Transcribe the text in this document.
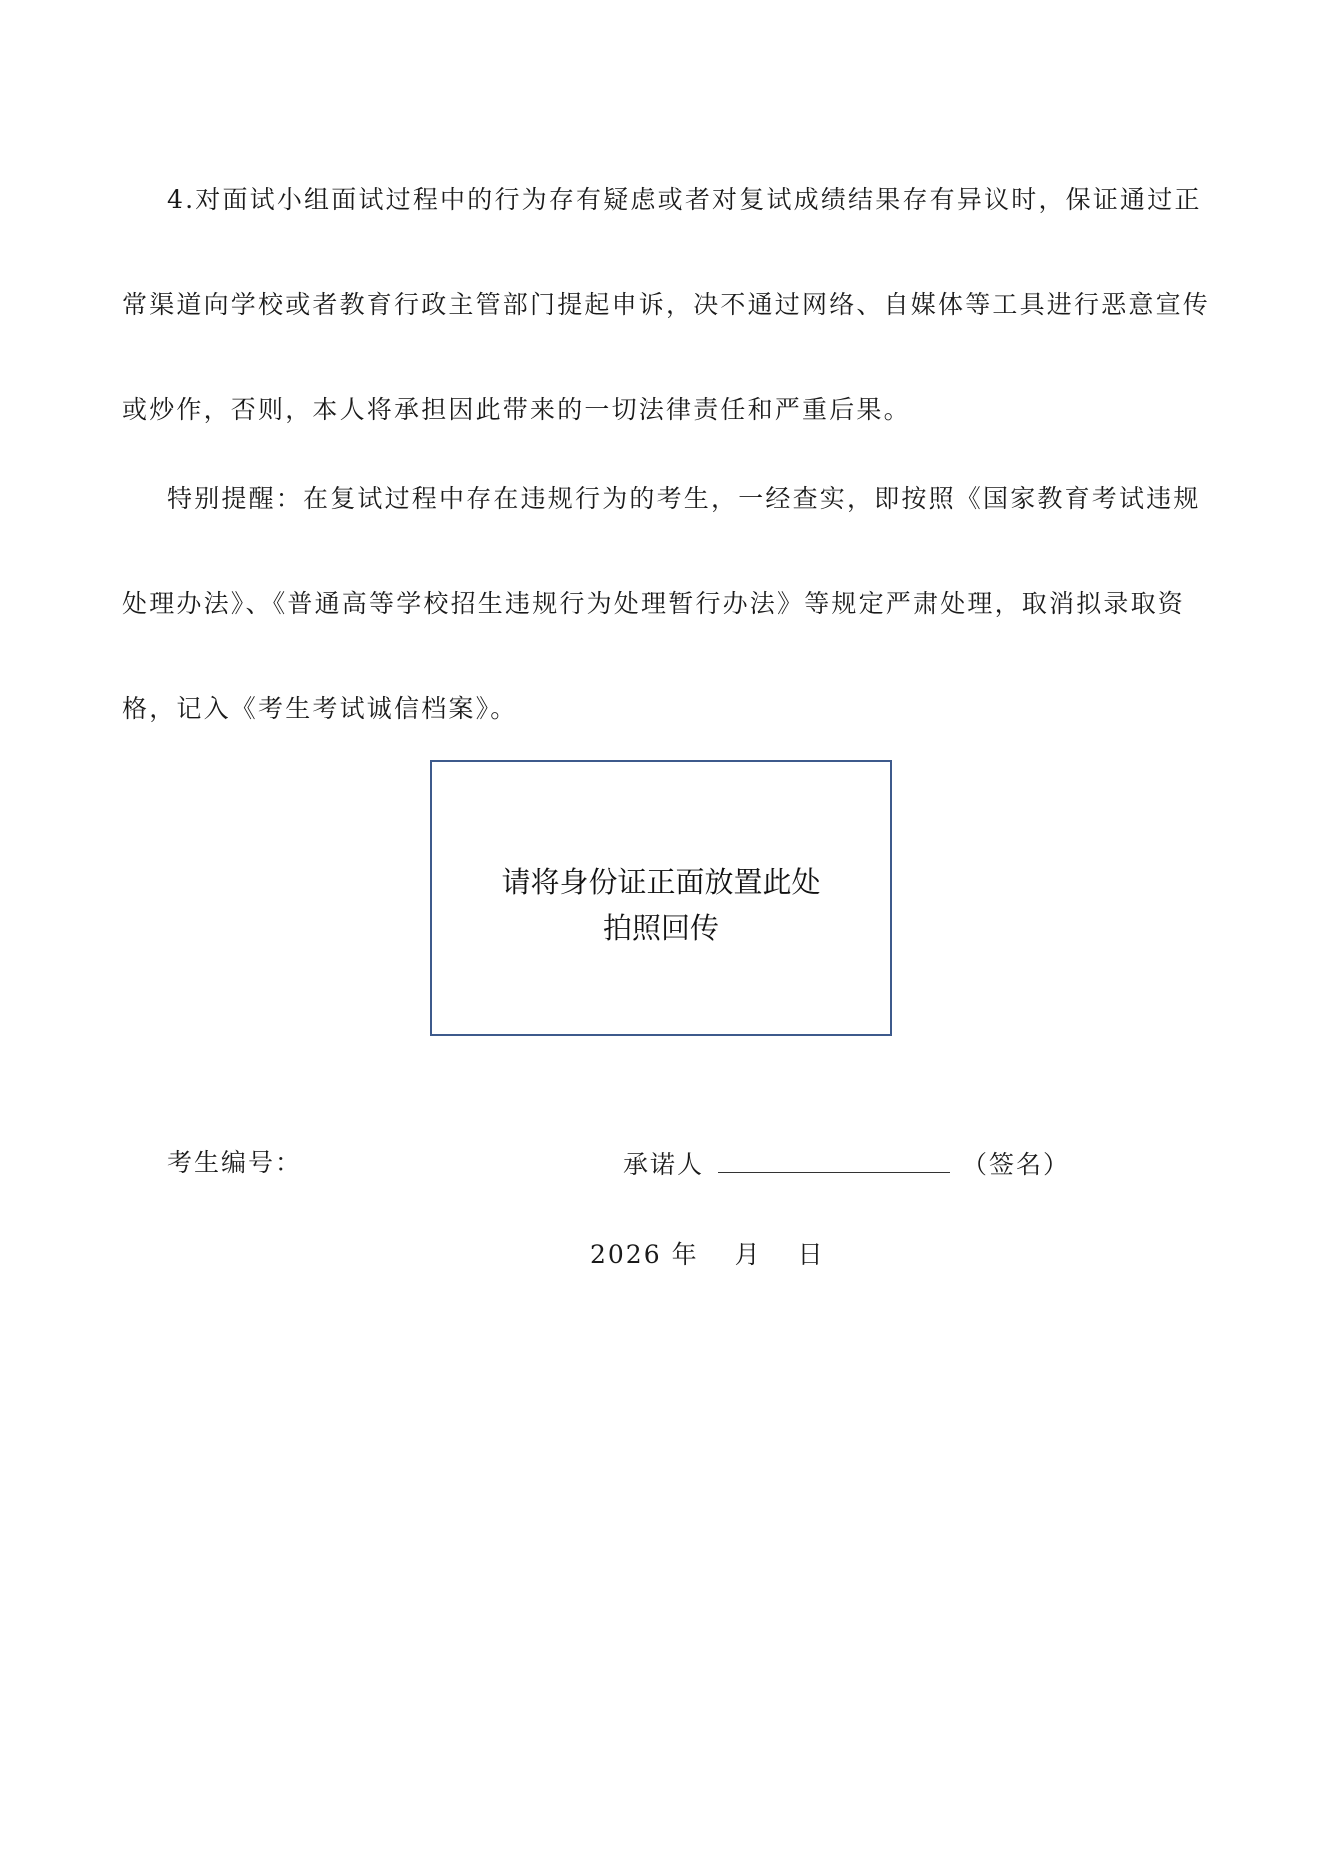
4.对面试小组面试过程中的行为存有疑虑或者对复试成绩结果存有异议时，保证通过正
常渠道向学校或者教育行政主管部门提起申诉，决不通过网络、自媒体等工具进行恶意宣传
或炒作，否则，本人将承担因此带来的一切法律责任和严重后果。
特别提醒：在复试过程中存在违规行为的考生，一经查实，即按照《国家教育考试违规
处理办法》、《普通高等学校招生违规行为处理暂行办法》等规定严肃处理，取消拟录取资
格，记入《考生考试诚信档案》。
请将身份证正面放置此处
拍照回传
考生编号：	承诺人	（签名）
2026 年 月 日
